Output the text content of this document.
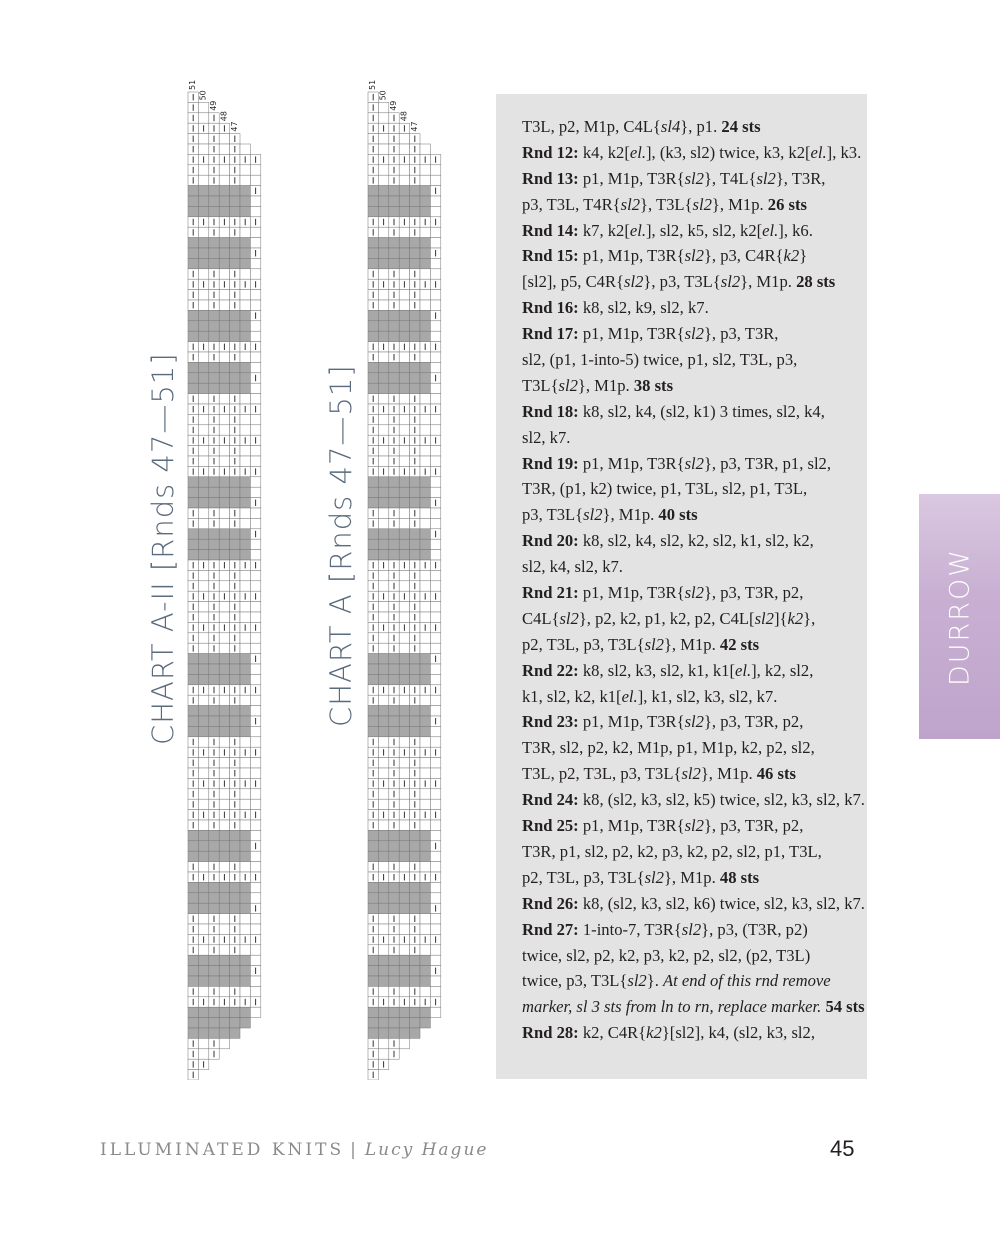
CHART A-II [Rnds 47—51]
51
50
49
48
47
CHART A [Rnds 47—51]
51
50
49
48
47	T3L, p2, M1p, C4L{sl4}, p1. 24 sts
Rnd 12: k4, k2[el.], (k3, sl2) twice, k3, k2[el.], k3.
Rnd 13: p1, M1p, T3R{sl2}, T4L{sl2}, T3R,
p3, T3L, T4R{sl2}, T3L{sl2}, M1p. 26 sts
Rnd 14: k7, k2[el.], sl2, k5, sl2, k2[el.], k6.
Rnd 15: p1, M1p, T3R{sl2}, p3, C4R{k2}
[sl2], p5, C4R{sl2}, p3, T3L{sl2}, M1p. 28 sts
Rnd 16: k8, sl2, k9, sl2, k7.
Rnd 17: p1, M1p, T3R{sl2}, p3, T3R,
sl2, (p1, 1-into-5) twice, p1, sl2, T3L, p3,
T3L{sl2}, M1p. 38 sts
Rnd 18: k8, sl2, k4, (sl2, k1) 3 times, sl2, k4,
sl2, k7.
Rnd 19: p1, M1p, T3R{sl2}, p3, T3R, p1, sl2,
T3R, (p1, k2) twice, p1, T3L, sl2, p1, T3L,
p3, T3L{sl2}, M1p. 40 sts
Rnd 20: k8, sl2, k4, sl2, k2, sl2, k1, sl2, k2,
sl2, k4, sl2, k7.
Rnd 21: p1, M1p, T3R{sl2}, p3, T3R, p2,
C4L{sl2}, p2, k2, p1, k2, p2, C4L[sl2]{k2},
p2, T3L, p3, T3L{sl2}, M1p. 42 sts
Rnd 22: k8, sl2, k3, sl2, k1, k1[el.], k2, sl2,
k1, sl2, k2, k1[el.], k1, sl2, k3, sl2, k7.
Rnd 23: p1, M1p, T3R{sl2}, p3, T3R, p2,
T3R, sl2, p2, k2, M1p, p1, M1p, k2, p2, sl2,
T3L, p2, T3L, p3, T3L{sl2}, M1p. 46 sts
Rnd 24: k8, (sl2, k3, sl2, k5) twice, sl2, k3, sl2, k7.
Rnd 25: p1, M1p, T3R{sl2}, p3, T3R, p2,
T3R, p1, sl2, p2, k2, p3, k2, p2, sl2, p1, T3L,
p2, T3L, p3, T3L{sl2}, M1p. 48 sts
Rnd 26: k8, (sl2, k3, sl2, k6) twice, sl2, k3, sl2, k7.
Rnd 27: 1-into-7, T3R{sl2}, p3, (T3R, p2)
twice, sl2, p2, k2, p3, k2, p2, sl2, (p2, T3L)
twice, p3, T3L{sl2}. At end of this rnd remove
marker, sl 3 sts from ln to rn, replace marker. 54 sts
Rnd 28: k2, C4R{k2}[sl2], k4, (sl2, k3, sl2,
DURROW
ILLUMINATED KNITS | Lucy Hague	45
